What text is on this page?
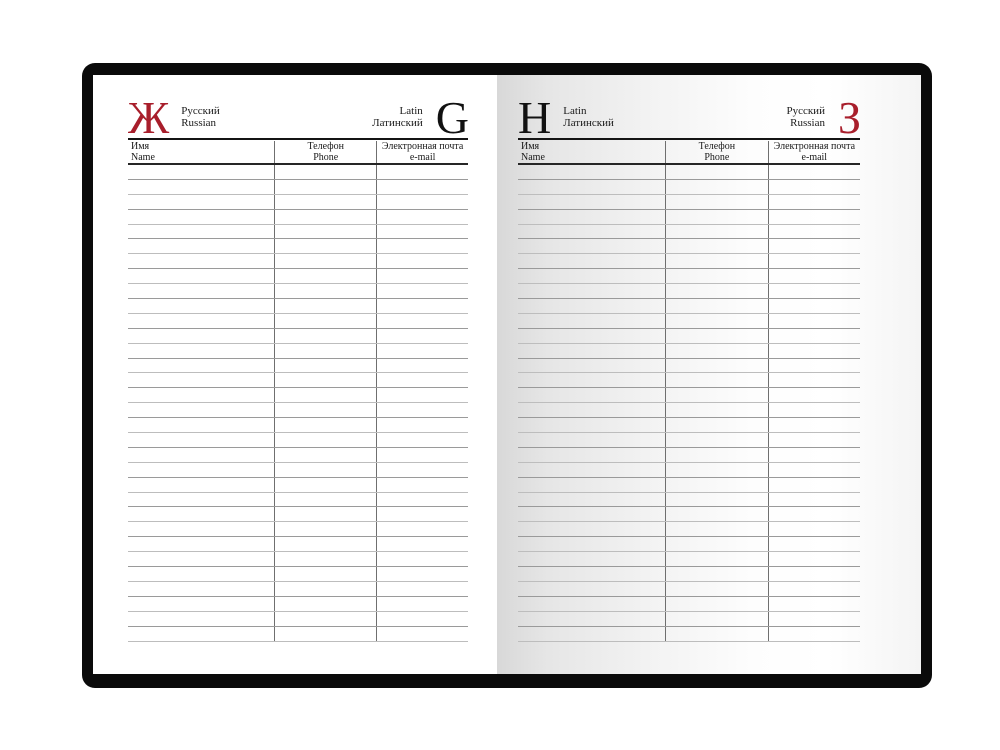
Ж Русский
Russian
Latin
Латинский G
Имя
Name
Телефон
Phone
Электронная почта
e-mail
H Latin
Латинский
Русский
Russian З
Имя
Name
Телефон
Phone
Электронная почта
e-mail
